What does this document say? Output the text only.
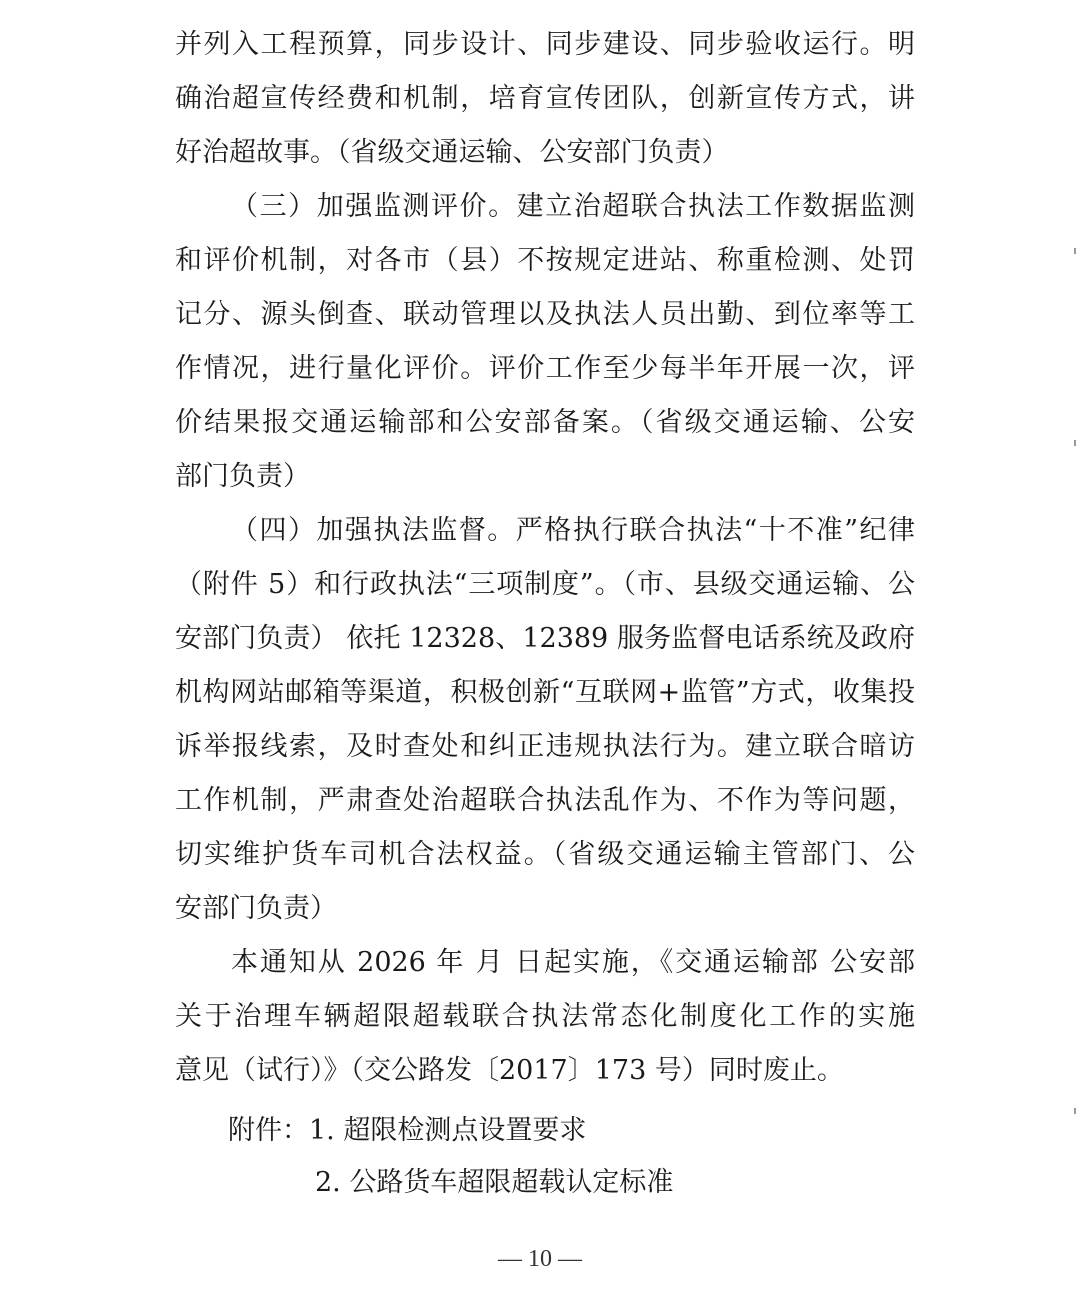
并列入工程预算，同步设计、同步建设、同步验收运行。明
确治超宣传经费和机制，培育宣传团队，创新宣传方式，讲
好治超故事。（省级交通运输、公安部门负责）
（三）加强监测评价。建立治超联合执法工作数据监测
和评价机制，对各市（县）不按规定进站、称重检测、处罚
记分、源头倒查、联动管理以及执法人员出勤、到位率等工
作情况，进行量化评价。评价工作至少每半年开展一次，评
价结果报交通运输部和公安部备案。（省级交通运输、公安
部门负责）
（四）加强执法监督。严格执行联合执法“十不准”纪律
（附件 5）和行政执法“三项制度”。（市、县级交通运输、公
安部门负责） 依托 12328、12389 服务监督电话系统及政府
机构网站邮箱等渠道，积极创新“互联网+监管”方式，收集投
诉举报线索，及时查处和纠正违规执法行为。建立联合暗访
工作机制，严肃查处治超联合执法乱作为、不作为等问题，
切实维护货车司机合法权益。（省级交通运输主管部门、公
安部门负责）
本通知从 2026 年 月 日起实施，《交通运输部 公安部
关于治理车辆超限超载联合执法常态化制度化工作的实施
意见（试行）》（交公路发〔2017〕173 号）同时废止。
附件：1. 超限检测点设置要求
2. 公路货车超限超载认定标准
— 10 —
